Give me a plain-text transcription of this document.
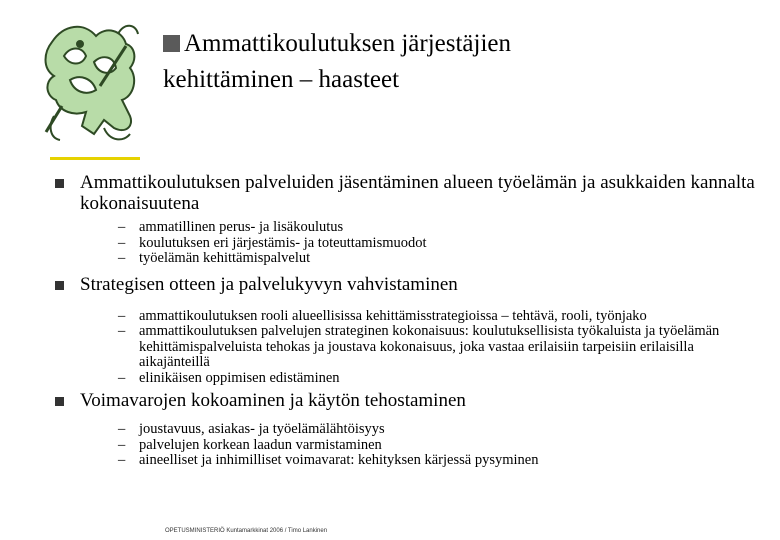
Ammattikoulutuksen järjestäjien
kehittäminen – haasteet
Ammattikoulutuksen palveluiden jäsentäminen alueen työelämän ja asukkaiden kannalta kokonaisuutena
– ammatillinen perus- ja lisäkoulutus
– koulutuksen eri järjestämis- ja toteuttamismuodot
– työelämän kehittämispalvelut
Strategisen otteen ja palvelukyvyn vahvistaminen
– ammattikoulutuksen rooli alueellisissa kehittämisstrategioissa – tehtävä, rooli, työnjako
– ammattikoulutuksen palvelujen strateginen kokonaisuus: koulutuksellisista työkaluista ja työelämän kehittämispalveluista tehokas ja joustava kokonaisuus, joka vastaa erilaisiin tarpeisiin erilaisilla aikajänteillä
– elinikäisen oppimisen edistäminen
Voimavarojen kokoaminen ja käytön tehostaminen
– joustavuus, asiakas- ja työelämälähtöisyys
– palvelujen korkean laadun varmistaminen
– aineelliset ja inhimilliset voimavarat: kehityksen kärjessä pysyminen
OPETUSMINISTERIÖ Kuntamarkkinat 2006 / Timo Lankinen
